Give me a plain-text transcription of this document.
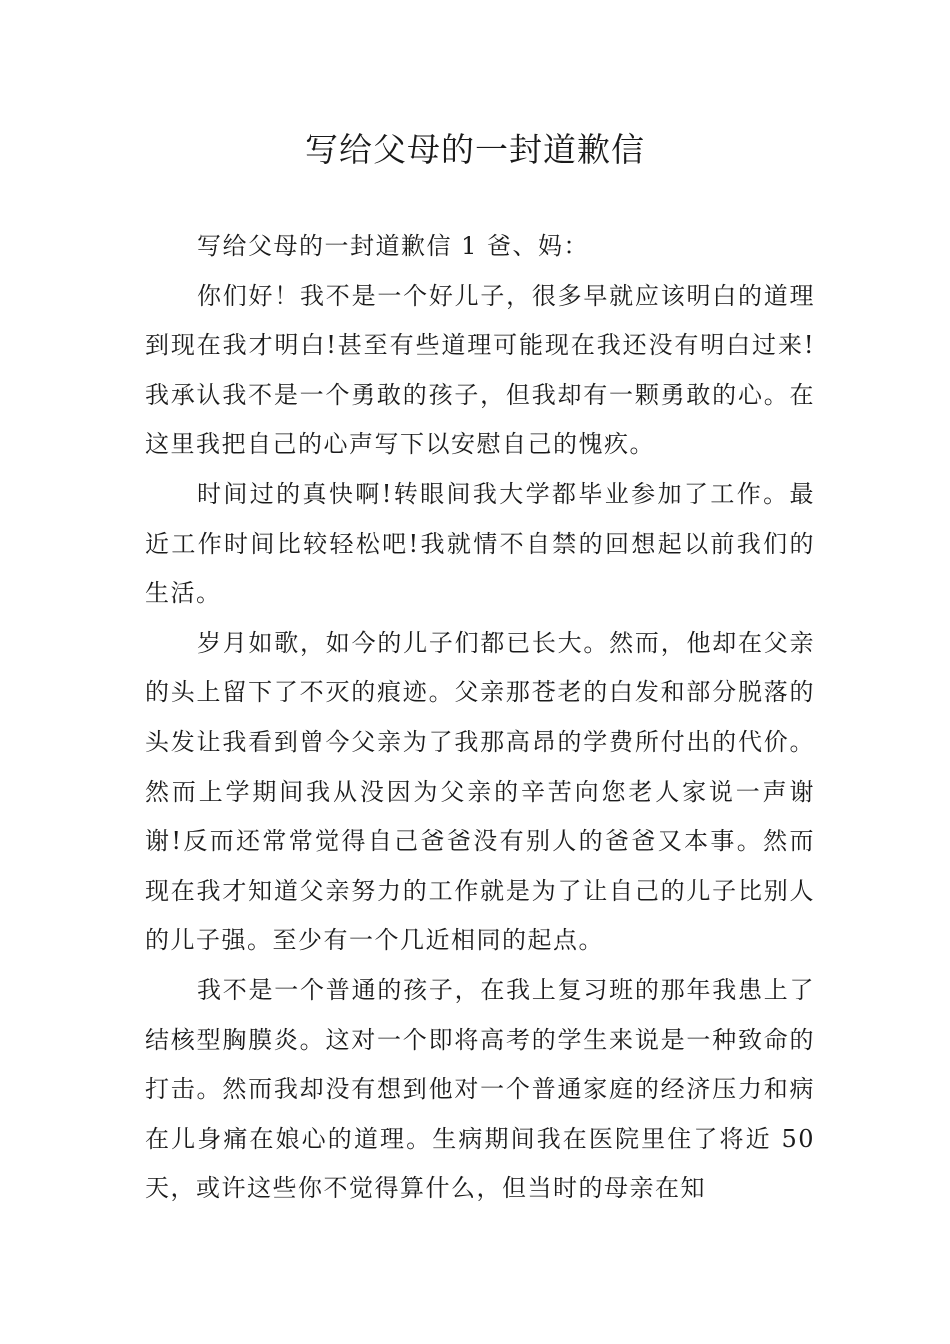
写给父母的一封道歉信

写给父母的一封道歉信 1 爸、妈：

你们好！我不是一个好儿子，很多早就应该明白的道理到现在我才明白!甚至有些道理可能现在我还没有明白过来!我承认我不是一个勇敢的孩子，但我却有一颗勇敢的心。在这里我把自己的心声写下以安慰自己的愧疚。

时间过的真快啊!转眼间我大学都毕业参加了工作。最近工作时间比较轻松吧!我就情不自禁的回想起以前我们的生活。

岁月如歌，如今的儿子们都已长大。然而，他却在父亲的头上留下了不灭的痕迹。父亲那苍老的白发和部分脱落的头发让我看到曾今父亲为了我那高昂的学费所付出的代价。然而上学期间我从没因为父亲的辛苦向您老人家说一声谢谢!反而还常常觉得自己爸爸没有别人的爸爸又本事。然而现在我才知道父亲努力的工作就是为了让自己的儿子比别人的儿子强。至少有一个几近相同的起点。

我不是一个普通的孩子，在我上复习班的那年我患上了结核型胸膜炎。这对一个即将高考的学生来说是一种致命的打击。然而我却没有想到他对一个普通家庭的经济压力和病在儿身痛在娘心的道理。生病期间我在医院里住了将近 50 天，或许这些你不觉得算什么，但当时的母亲在知
